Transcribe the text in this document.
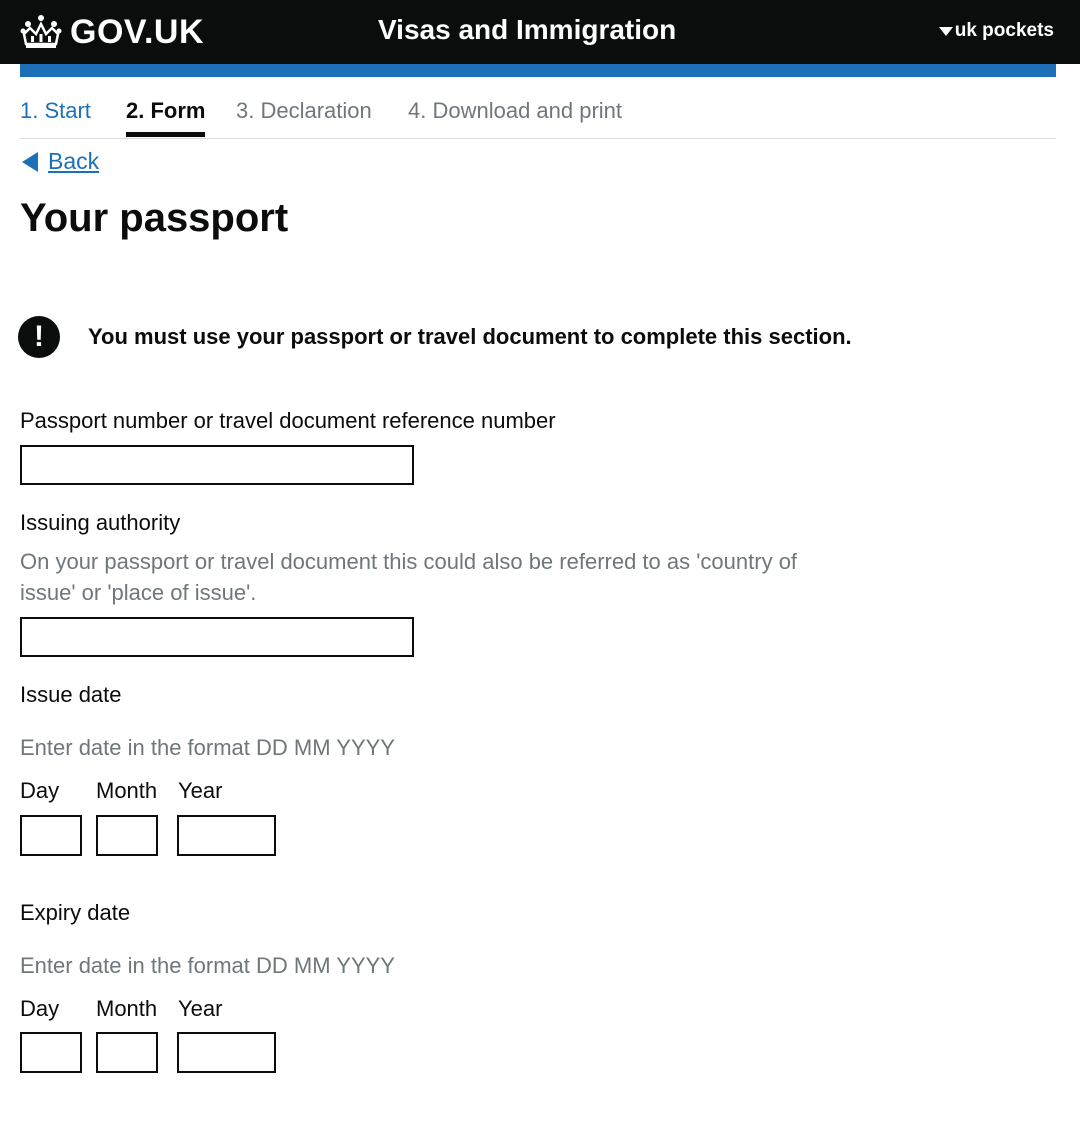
GOV.UK	Visas and Immigration	uk pockets
1. Start 2. Form 3. Declaration 4. Download and print
Back
Your passport
!	You must use your passport or travel document to complete this section.
Passport number or travel document reference number
Issuing authority
On your passport or travel document this could also be referred to as 'country of issue' or 'place of issue'.
Issue date
Enter date in the format DD MM YYYY
Day Month Year
Expiry date
Enter date in the format DD MM YYYY
Day Month Year
